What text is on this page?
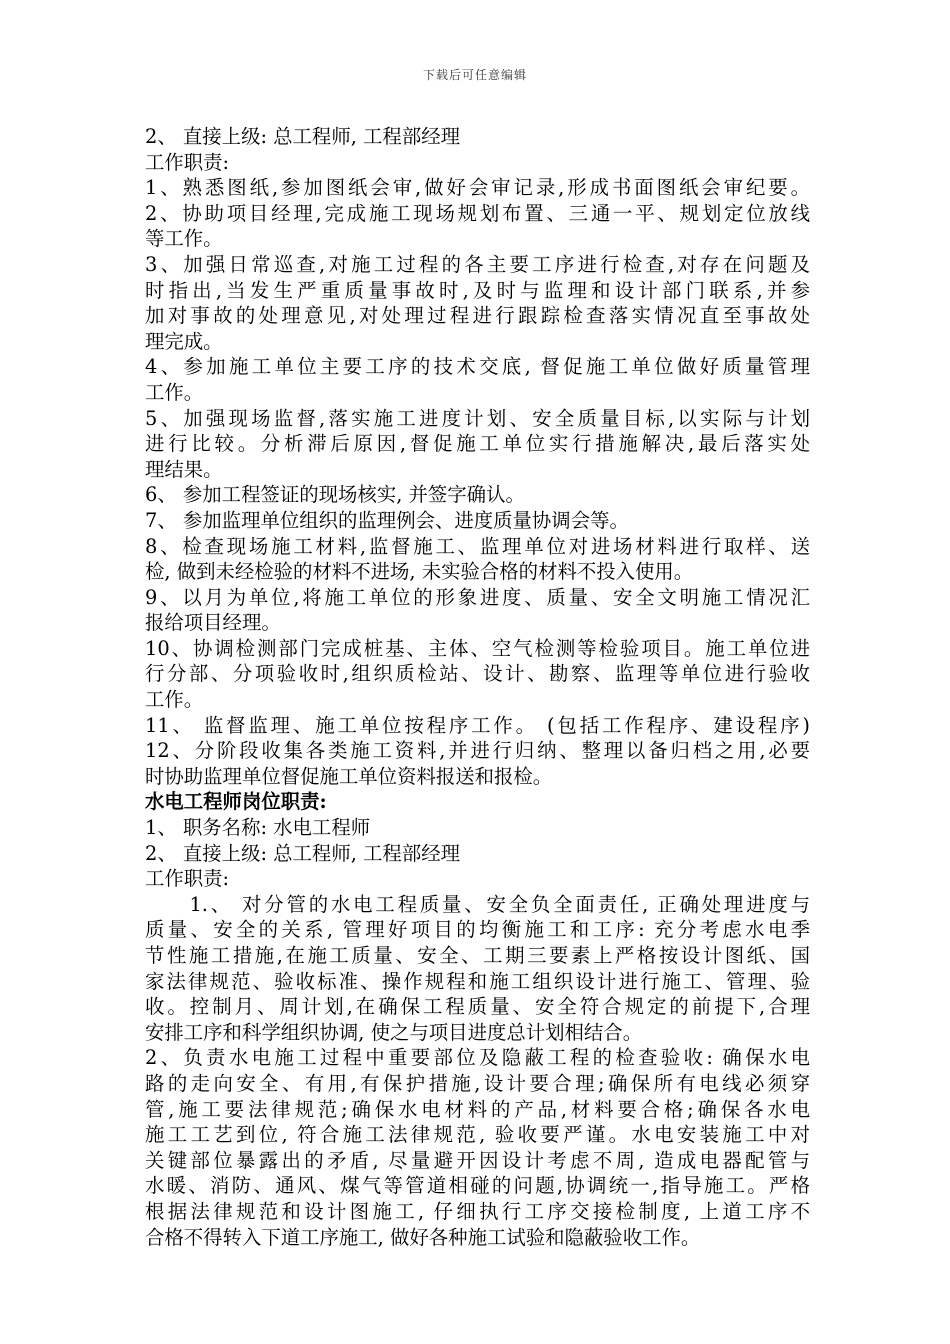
下载后可任意编辑
2、 直接上级: 总工程师, 工程部经理
工作职责:
1、熟悉图纸,参加图纸会审,做好会审记录,形成书面图纸会审纪要。
2、协助项目经理,完成施工现场规划布置、三通一平、规划定位放线
等工作。
3、加强日常巡查,对施工过程的各主要工序进行检查,对存在问题及
时指出,当发生严重质量事故时,及时与监理和设计部门联系,并参
加对事故的处理意见,对处理过程进行跟踪检查落实情况直至事故处
理完成。
4、参加施工单位主要工序的技术交底, 督促施工单位做好质量管理
工作。
5、加强现场监督,落实施工进度计划、安全质量目标,以实际与计划
进行比较。分析滞后原因,督促施工单位实行措施解决,最后落实处
理结果。
6、 参加工程签证的现场核实, 并签字确认。
7、 参加监理单位组织的监理例会、进度质量协调会等。
8、检查现场施工材料,监督施工、监理单位对进场材料进行取样、送
检, 做到未经检验的材料不进场, 未实验合格的材料不投入使用。
9、以月为单位,将施工单位的形象进度、质量、安全文明施工情况汇
报给项目经理。
10、协调检测部门完成桩基、主体、空气检测等检验项目。施工单位进
行分部、分项验收时,组织质检站、设计、勘察、监理等单位进行验收
工作。
11、 监督监理、施工单位按程序工作。 (包括工作程序、建设程序)
12、分阶段收集各类施工资料,并进行归纳、整理以备归档之用,必要
时协助监理单位督促施工单位资料报送和报检。
水电工程师岗位职责:
1、 职务名称: 水电工程师
2、 直接上级: 总工程师, 工程部经理
工作职责:
　　1.、 对分管的水电工程质量、安全负全面责任, 正确处理进度与
质量、安全的关系, 管理好项目的均衡施工和工序: 充分考虑水电季
节性施工措施,在施工质量、安全、工期三要素上严格按设计图纸、国
家法律规范、验收标准、操作规程和施工组织设计进行施工、管理、验
收。控制月、周计划,在确保工程质量、安全符合规定的前提下,合理
安排工序和科学组织协调, 使之与项目进度总计划相结合。
2、负责水电施工过程中重要部位及隐蔽工程的检查验收: 确保水电
路的走向安全、有用,有保护措施,设计要合理;确保所有电线必须穿
管,施工要法律规范;确保水电材料的产品,材料要合格;确保各水电
施工工艺到位, 符合施工法律规范, 验收要严谨。水电安装施工中对
关键部位暴露出的矛盾, 尽量避开因设计考虑不周, 造成电器配管与
水暖、消防、通风、煤气等管道相碰的问题,协调统一,指导施工。严格
根据法律规范和设计图施工, 仔细执行工序交接检制度, 上道工序不
合格不得转入下道工序施工, 做好各种施工试验和隐蔽验收工作。
